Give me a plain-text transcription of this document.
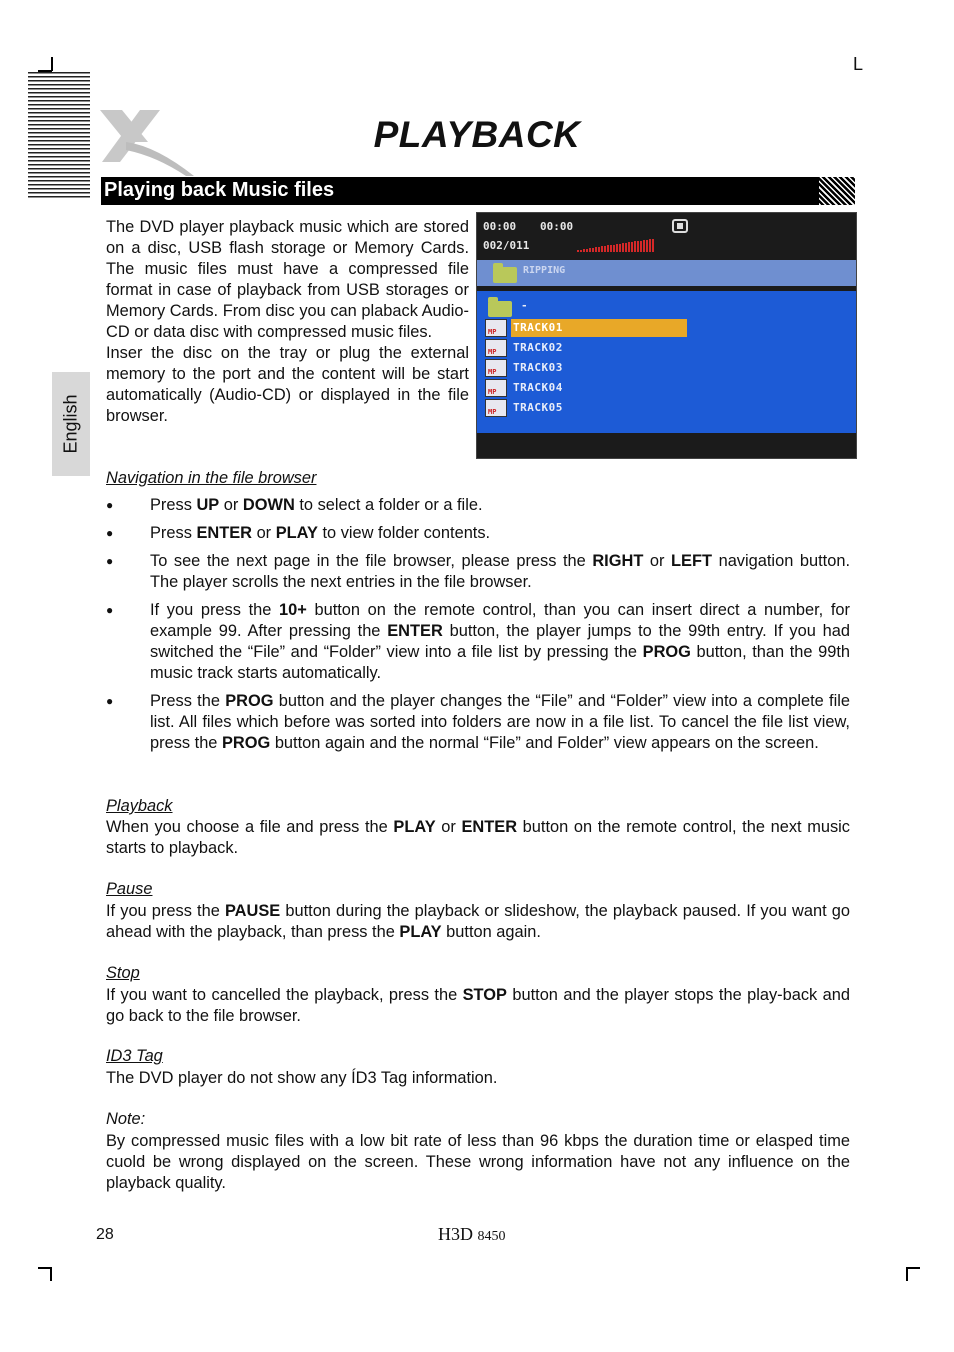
L
PLAYBACK
Playing back Music files
English

The DVD player playback music which are stored on a disc, USB flash storage or Memory Cards. The music files must have a compressed file format in case of playback from USB storages or Memory Cards. From disc you can plaback Audio-CD or data disc with compressed music files.

Inser the disc on the tray or plug the external memory to the port and the content will be start automatically (Audio-CD) or displayed in the file browser.

00:00 00:00
002/011
RIPPING
-
MP
TRACK01
MP
TRACK02
MP
TRACK03
MP
TRACK04
MP
TRACK05
Navigation in the file browser
● Press UP or DOWN to select a folder or a file.
● Press ENTER or PLAY to view folder contents.
● To see the next page in the file browser, please press the RIGHT or LEFT navigation button. The player scrolls the next entries in the file browser.
● If you press the 10+ button on the remote control, than you can insert direct a number, for example 99. After pressing the ENTER button, the player jumps to the 99th entry. If you had switched the “File” and “Folder” view into a file list by pressing the PROG button, than the 99th music track starts automatically.
● Press the PROG button and the player changes the “File” and “Folder” view into a complete file list. All files which before was sorted into folders are now in a file list. To cancel the file list view, press the PROG button again and the normal “File” and Folder” view appears on the screen.
Playback
When you choose a file and press the PLAY or ENTER button on the remote control, the next music starts to playback.
Pause
If you press the PAUSE button during the playback or slideshow, the playback paused. If you want go ahead with the playback, than press the PLAY button again.
Stop
If you want to cancelled the playback, press the STOP button and the player stops the play-back and go back to the file browser.
ID3 Tag
The DVD player do not show any ÍD3 Tag information.
Note:
By compressed music files with a low bit rate of less than 96 kbps the duration time or elasped time cuold be wrong displayed on the screen. These wrong information have not any influence on the playback quality.
28	H3D 8450
